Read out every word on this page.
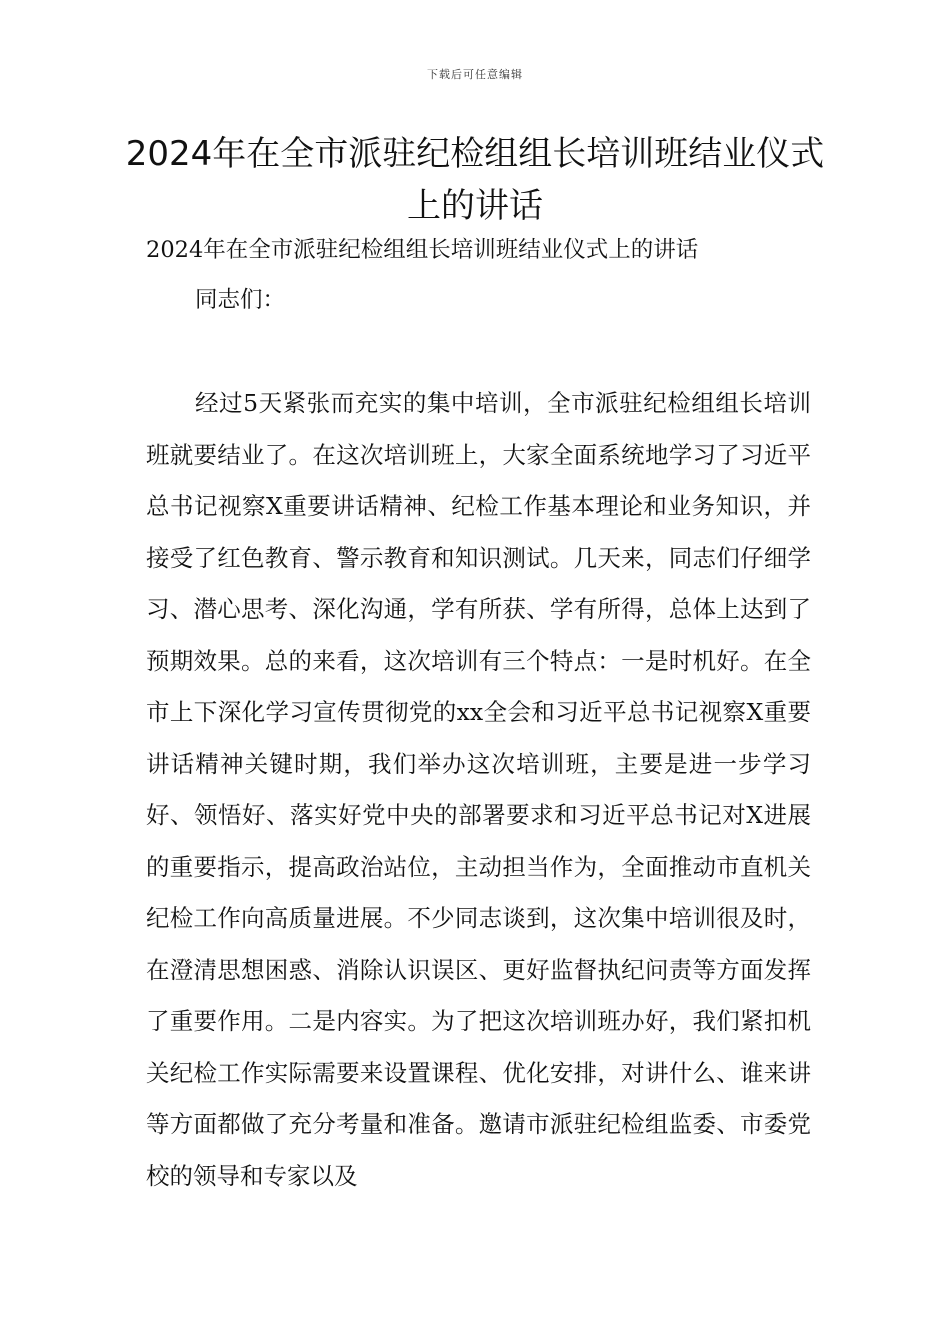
下载后可任意编辑
2024年在全市派驻纪检组组长培训班结业仪式上的讲话
2024年在全市派驻纪检组组长培训班结业仪式上的讲话
同志们：

经过5天紧张而充实的集中培训，全市派驻纪检组组长培训班就要结业了。在这次培训班上，大家全面系统地学习了习近平总书记视察X重要讲话精神、纪检工作基本理论和业务知识，并接受了红色教育、警示教育和知识测试。几天来，同志们仔细学习、潜心思考、深化沟通，学有所获、学有所得，总体上达到了预期效果。总的来看，这次培训有三个特点：一是时机好。在全市上下深化学习宣传贯彻党的xx全会和习近平总书记视察X重要讲话精神关键时期，我们举办这次培训班，主要是进一步学习好、领悟好、落实好党中央的部署要求和习近平总书记对X进展的重要指示，提高政治站位，主动担当作为，全面推动市直机关纪检工作向高质量进展。不少同志谈到，这次集中培训很及时，在澄清思想困惑、消除认识误区、更好监督执纪问责等方面发挥了重要作用。二是内容实。为了把这次培训班办好，我们紧扣机关纪检工作实际需要来设置课程、优化安排，对讲什么、谁来讲等方面都做了充分考量和准备。邀请市派驻纪检组监委、市委党校的领导和专家以及
